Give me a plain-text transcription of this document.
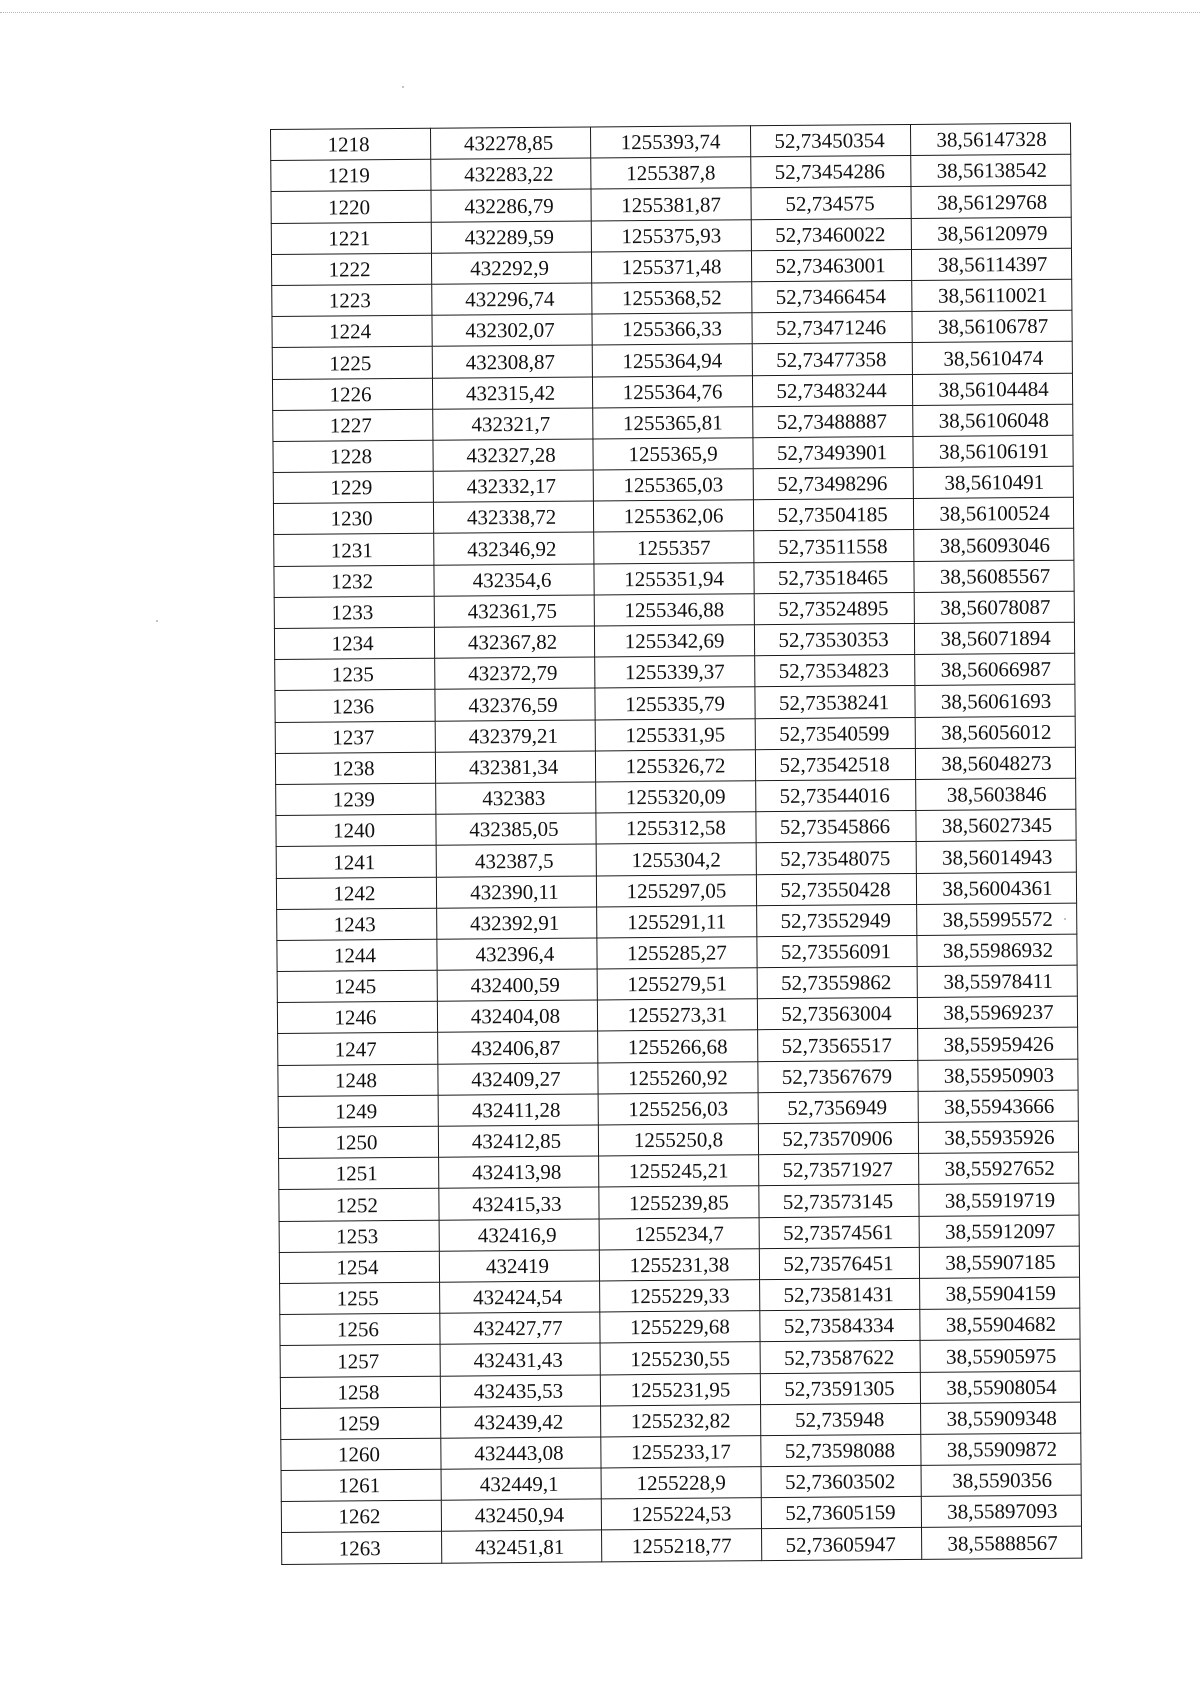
1218	432278,85	1255393,74	52,73450354	38,56147328
1219	432283,22	1255387,8	52,73454286	38,56138542
1220	432286,79	1255381,87	52,734575	38,56129768
1221	432289,59	1255375,93	52,73460022	38,56120979
1222	432292,9	1255371,48	52,73463001	38,56114397
1223	432296,74	1255368,52	52,73466454	38,56110021
1224	432302,07	1255366,33	52,73471246	38,56106787
1225	432308,87	1255364,94	52,73477358	38,5610474
1226	432315,42	1255364,76	52,73483244	38,56104484
1227	432321,7	1255365,81	52,73488887	38,56106048
1228	432327,28	1255365,9	52,73493901	38,56106191
1229	432332,17	1255365,03	52,73498296	38,5610491
1230	432338,72	1255362,06	52,73504185	38,56100524
1231	432346,92	1255357	52,73511558	38,56093046
1232	432354,6	1255351,94	52,73518465	38,56085567
1233	432361,75	1255346,88	52,73524895	38,56078087
1234	432367,82	1255342,69	52,73530353	38,56071894
1235	432372,79	1255339,37	52,73534823	38,56066987
1236	432376,59	1255335,79	52,73538241	38,56061693
1237	432379,21	1255331,95	52,73540599	38,56056012
1238	432381,34	1255326,72	52,73542518	38,56048273
1239	432383	1255320,09	52,73544016	38,5603846
1240	432385,05	1255312,58	52,73545866	38,56027345
1241	432387,5	1255304,2	52,73548075	38,56014943
1242	432390,11	1255297,05	52,73550428	38,56004361
1243	432392,91	1255291,11	52,73552949	38,55995572
1244	432396,4	1255285,27	52,73556091	38,55986932
1245	432400,59	1255279,51	52,73559862	38,55978411
1246	432404,08	1255273,31	52,73563004	38,55969237
1247	432406,87	1255266,68	52,73565517	38,55959426
1248	432409,27	1255260,92	52,73567679	38,55950903
1249	432411,28	1255256,03	52,7356949	38,55943666
1250	432412,85	1255250,8	52,73570906	38,55935926
1251	432413,98	1255245,21	52,73571927	38,55927652
1252	432415,33	1255239,85	52,73573145	38,55919719
1253	432416,9	1255234,7	52,73574561	38,55912097
1254	432419	1255231,38	52,73576451	38,55907185
1255	432424,54	1255229,33	52,73581431	38,55904159
1256	432427,77	1255229,68	52,73584334	38,55904682
1257	432431,43	1255230,55	52,73587622	38,55905975
1258	432435,53	1255231,95	52,73591305	38,55908054
1259	432439,42	1255232,82	52,735948	38,55909348
1260	432443,08	1255233,17	52,73598088	38,55909872
1261	432449,1	1255228,9	52,73603502	38,5590356
1262	432450,94	1255224,53	52,73605159	38,55897093
1263	432451,81	1255218,77	52,73605947	38,55888567
